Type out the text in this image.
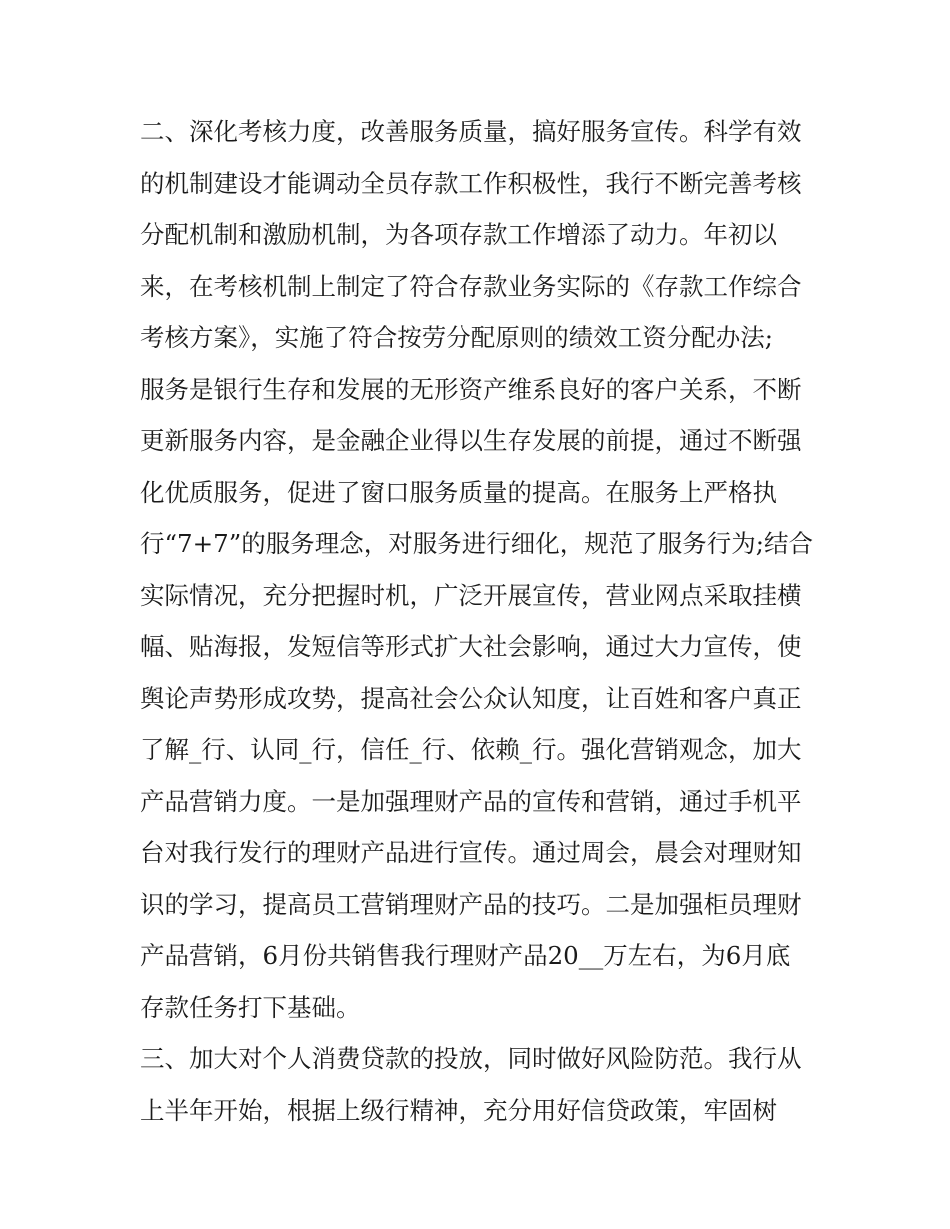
二、深化考核力度，改善服务质量，搞好服务宣传。科学有效
的机制建设才能调动全员存款工作积极性，我行不断完善考核
分配机制和激励机制，为各项存款工作增添了动力。年初以
来，在考核机制上制定了符合存款业务实际的《存款工作综合
考核方案》，实施了符合按劳分配原则的绩效工资分配办法;
服务是银行生存和发展的无形资产维系良好的客户关系，不断
更新服务内容，是金融企业得以生存发展的前提，通过不断强
化优质服务，促进了窗口服务质量的提高。在服务上严格执
行“7+7”的服务理念，对服务进行细化，规范了服务行为;结合
实际情况，充分把握时机，广泛开展宣传，营业网点采取挂横
幅、贴海报，发短信等形式扩大社会影响，通过大力宣传，使
舆论声势形成攻势，提高社会公众认知度，让百姓和客户真正
了解_行、认同_行，信任_行、依赖_行。强化营销观念，加大
产品营销力度。一是加强理财产品的宣传和营销，通过手机平
台对我行发行的理财产品进行宣传。通过周会，晨会对理财知
识的学习，提高员工营销理财产品的技巧。二是加强柜员理财
产品营销，6月份共销售我行理财产品20__万左右，为6月底
存款任务打下基础。
三、加大对个人消费贷款的投放，同时做好风险防范。我行从
上半年开始，根据上级行精神，充分用好信贷政策，牢固树
